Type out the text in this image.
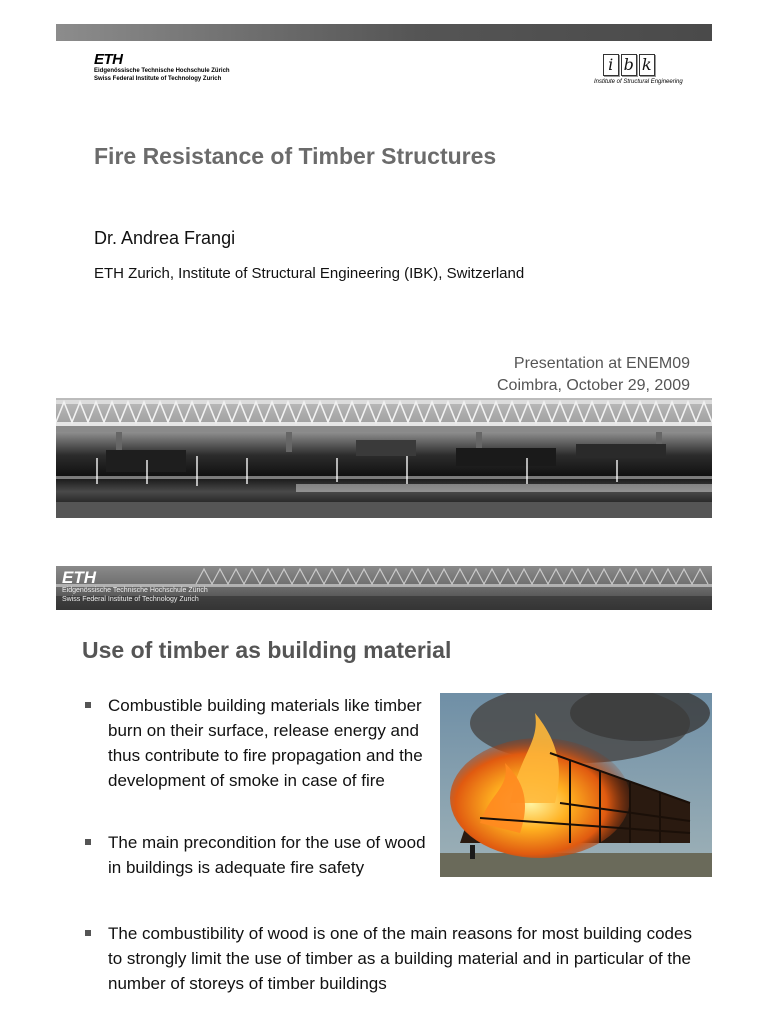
ETH
Eidgenössische Technische Hochschule Zürich
Swiss Federal Institute of Technology Zurich
i b k
Institute of Structural Engineering
Fire Resistance of Timber Structures
Dr. Andrea Frangi
ETH Zurich, Institute of Structural Engineering (IBK), Switzerland
Presentation at ENEM09
Coimbra, October 29, 2009
ETH
Eidgenössische Technische Hochschule Zürich
Swiss Federal Institute of Technology Zurich
Use of timber as building material
Combustible building materials like timber burn on their surface, release energy and thus contribute to fire propagation and the development of smoke in case of fire
The main precondition for the use of wood in buildings is adequate fire safety
The combustibility of wood is one of the main reasons for most building codes to strongly limit the use of timber as a building material and in particular of the number of storeys of timber buildings
